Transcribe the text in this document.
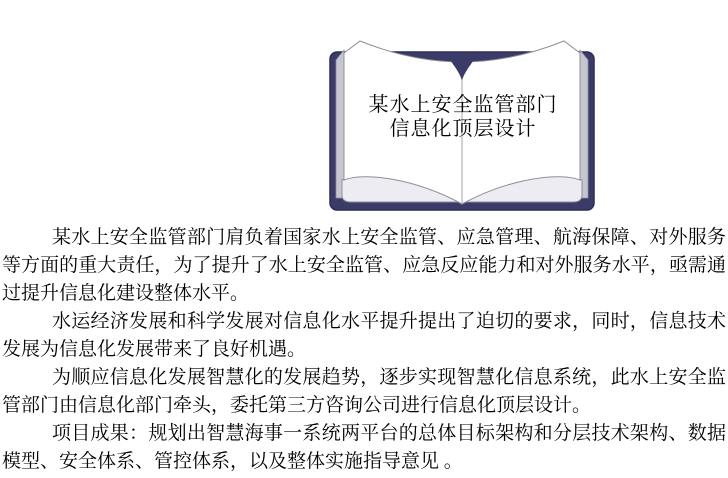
某水上安全监管部门
信息化顶层设计

某水上安全监管部门肩负着国家水上安全监管、应急管理、航海保障、对外服务等方面的重大责任，为了提升了水上安全监管、应急反应能力和对外服务水平，亟需通过提升信息化建设整体水平。

水运经济发展和科学发展对信息化水平提升提出了迫切的要求，同时，信息技术发展为信息化发展带来了良好机遇。

为顺应信息化发展智慧化的发展趋势，逐步实现智慧化信息系统，此水上安全监管部门由信息化部门牵头，委托第三方咨询公司进行信息化顶层设计。

项目成果：规划出智慧海事一系统两平台的总体目标架构和分层技术架构、数据模型、安全体系、管控体系，以及整体实施指导意见 。
